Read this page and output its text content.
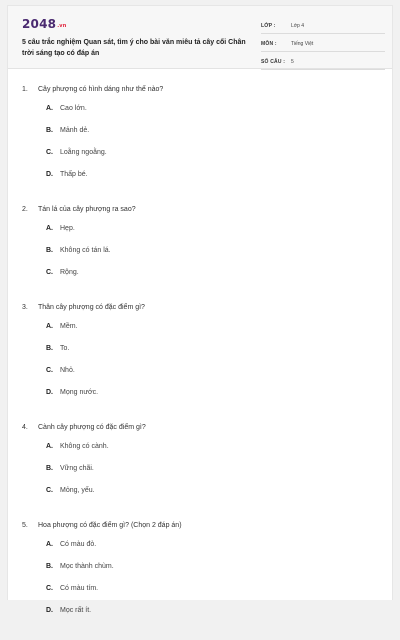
2048.vn
5 câu trắc nghiệm Quan sát, tìm ý cho bài văn miêu tả cây cối Chân trời sáng tạo có đáp án
LỚP :	Lớp 4
MÔN :	Tiếng Việt
SỐ CÂU : 5
1. Cây phượng có hình dáng như thế nào?
A. Cao lớn.
B. Mảnh dẻ.
C. Loằng ngoằng.
D. Thấp bé.
2. Tán lá của cây phượng ra sao?
A. Hẹp.
B. Không có tán lá.
C. Rộng.
3. Thân cây phượng có đặc điểm gì?
A. Mềm.
B. To.
C. Nhỏ.
D. Mọng nước.
4. Cành cây phượng có đặc điểm gì?
A. Không có cành.
B. Vững chãi.
C. Mỏng, yếu.
5. Hoa phượng có đặc điểm gì? (Chọn 2 đáp án)
A. Có màu đỏ.
B. Mọc thành chùm.
C. Có màu tím.
D. Mọc rất ít.
